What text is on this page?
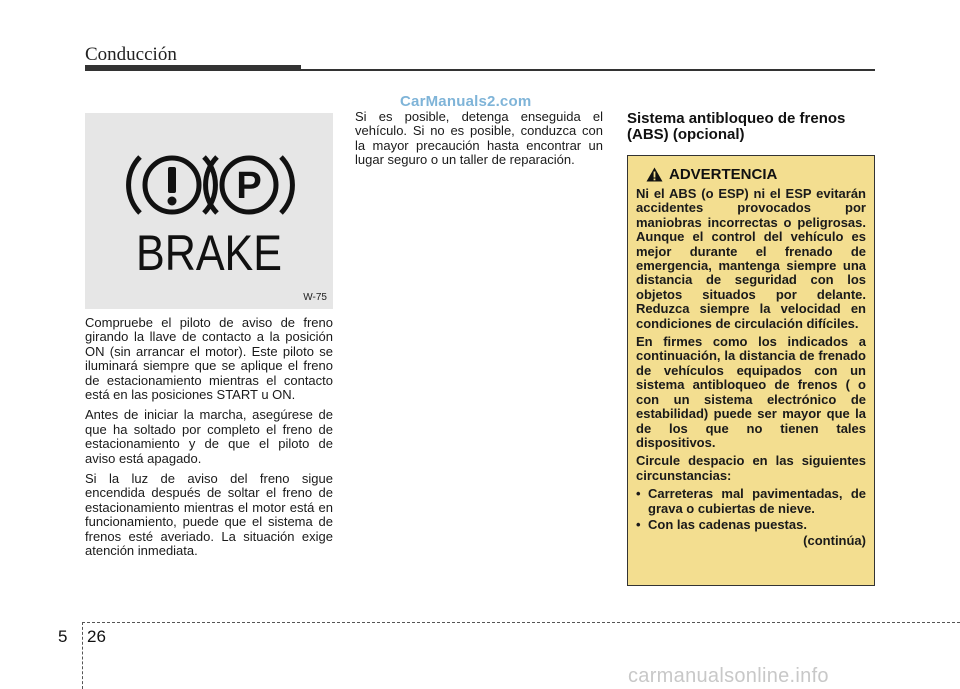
Conducción
CarManuals2.com
P
BRAKE
W-75

Compruebe el piloto de aviso de freno girando la llave de contacto a la posición ON (sin arrancar el motor). Este piloto se iluminará siempre que se aplique el freno de estacionamiento mientras el contacto está en las posiciones START u ON.

Antes de iniciar la marcha, asegúrese de que ha soltado por completo el freno de estacionamiento y de que el piloto de aviso está apagado.

Si la luz de aviso del freno sigue encendida después de soltar el freno de estacionamiento mientras el motor está en funcionamiento, puede que el sistema de frenos esté averiado. La situación exige atención inmediata.

Si es posible, detenga enseguida el vehículo. Si no es posible, conduzca con la mayor precaución hasta encontrar un lugar seguro o un taller de reparación.

Sistema antibloqueo de frenos (ABS) (opcional)
ADVERTENCIA

Ni el ABS (o ESP) ni el ESP evitarán accidentes provocados por maniobras incorrectas o peligrosas. Aunque el control del vehículo es mejor durante el frenado de emergencia, mantenga siempre una distancia de seguridad con los objetos situados por delante. Reduzca siempre la velocidad en condiciones de circulación difíciles.

En firmes como los indicados a continuación, la distancia de frenado de vehículos equipados con un sistema antibloqueo de frenos ( o con un sistema electrónico de estabilidad) puede ser mayor que la de los que no tienen tales dispositivos.

Circule despacio en las siguientes circunstancias:

• Carreteras mal pavimentadas, de grava o cubiertas de nieve.
• Con las cadenas puestas.
(continúa)
5 26
carmanualsonline.info
